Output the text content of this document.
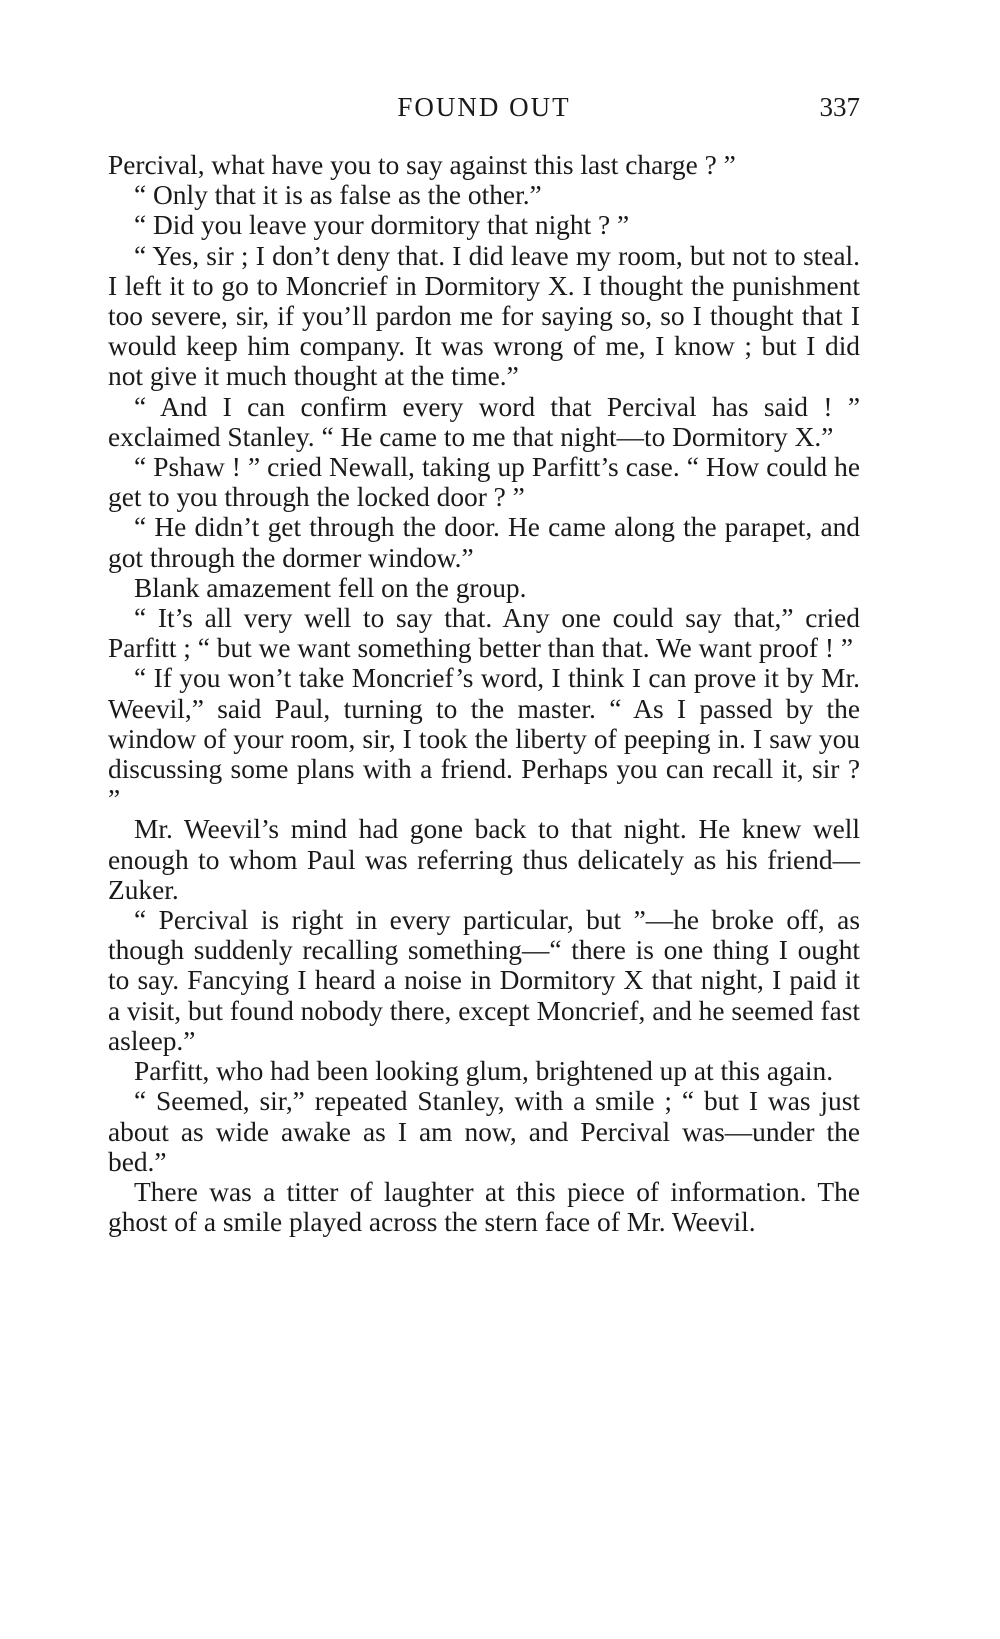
FOUND OUT	337

Percival, what have you to say against this last charge ? ”

“ Only that it is as false as the other.”

“ Did you leave your dormitory that night ? ”

“ Yes, sir ; I don’t deny that. I did leave my room, but not to steal. I left it to go to Moncrief in Dormitory X. I thought the punishment too severe, sir, if you’ll pardon me for saying so, so I thought that I would keep him company. It was wrong of me, I know ; but I did not give it much thought at the time.”

“ And I can confirm every word that Percival has said ! ” exclaimed Stanley. “ He came to me that night—to Dormitory X.”

“ Pshaw ! ” cried Newall, taking up Parfitt’s case. “ How could he get to you through the locked door ? ”

“ He didn’t get through the door. He came along the parapet, and got through the dormer window.”

Blank amazement fell on the group.

“ It’s all very well to say that. Any one could say that,” cried Parfitt ; “ but we want something better than that. We want proof ! ”

“ If you won’t take Moncrief’s word, I think I can prove it by Mr. Weevil,” said Paul, turning to the master. “ As I passed by the window of your room, sir, I took the liberty of peeping in. I saw you discussing some plans with a friend. Perhaps you can recall it, sir ? ”

Mr. Weevil’s mind had gone back to that night. He knew well enough to whom Paul was referring thus delicately as his friend—Zuker.

“ Percival is right in every particular, but ”—he broke off, as though suddenly recalling something—“ there is one thing I ought to say. Fancying I heard a noise in Dormitory X that night, I paid it a visit, but found nobody there, except Moncrief, and he seemed fast asleep.”

Parfitt, who had been looking glum, brightened up at this again.

“ Seemed, sir,” repeated Stanley, with a smile ; “ but I was just about as wide awake as I am now, and Percival was—under the bed.”

There was a titter of laughter at this piece of information. The ghost of a smile played across the stern face of Mr. Weevil.
